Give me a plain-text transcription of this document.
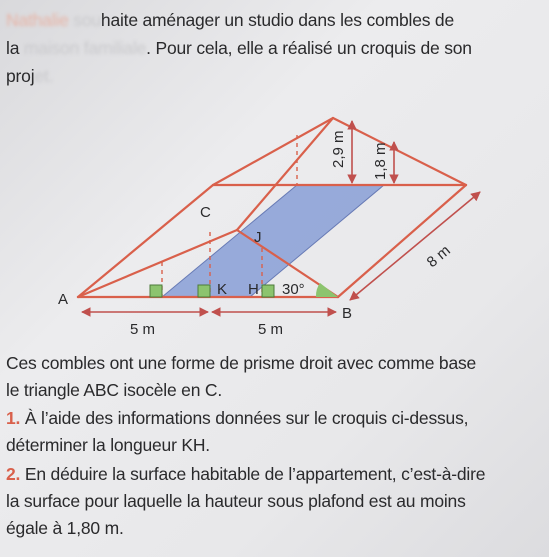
Nathalie souhaite aménager un studio dans les combles de
la maison familiale. Pour cela, elle a réalisé un croquis de son
projet.
A
B
C
J
K H 30°
5 m	5 m
8 m
2,9 m 1,8 m
Ces combles ont une forme de prisme droit avec comme base
le triangle ABC isocèle en C.
1. À l’aide des informations données sur le croquis ci-dessus,
déterminer la longueur KH.
2. En déduire la surface habitable de l’appartement, c’est-à-dire
la surface pour laquelle la hauteur sous plafond est au moins
égale à 1,80 m.
